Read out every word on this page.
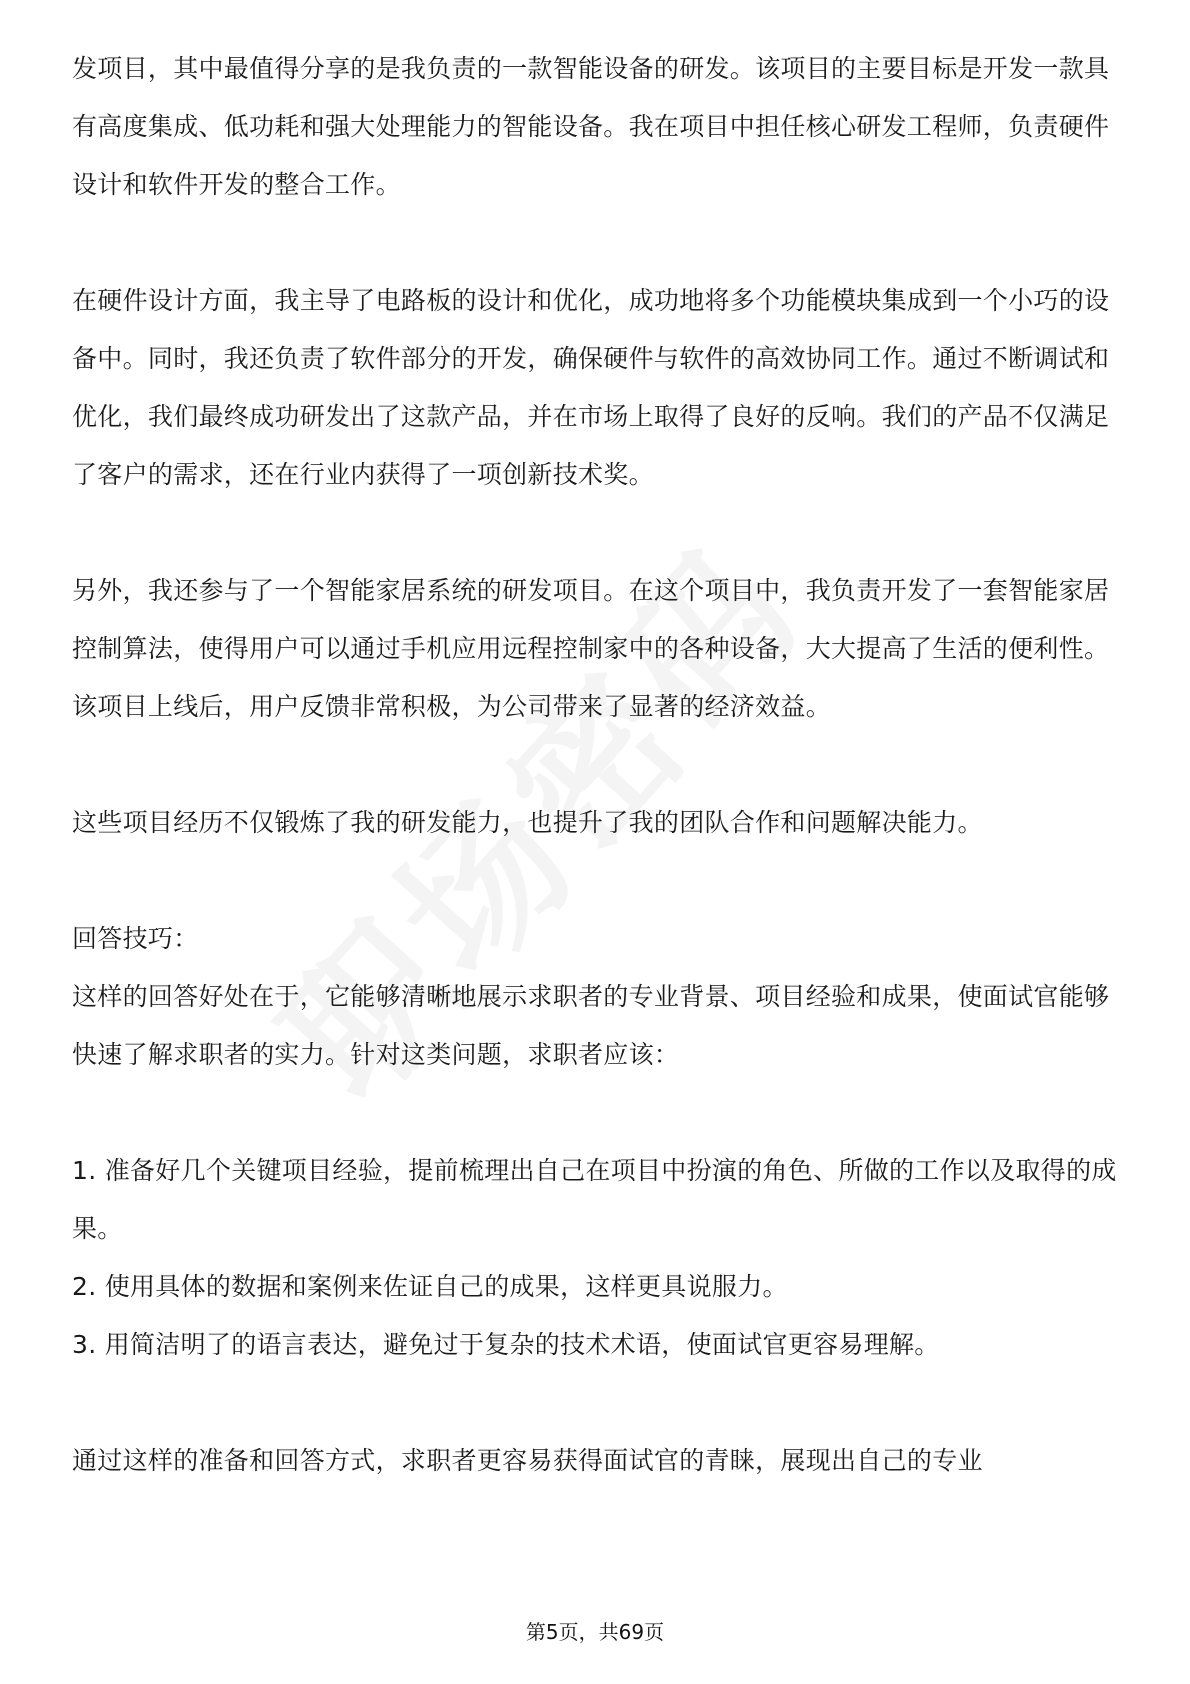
发项目，其中最值得分享的是我负责的一款智能设备的研发。该项目的主要目标是开发一款具有高度集成、低功耗和强大处理能力的智能设备。我在项目中担任核心研发工程师，负责硬件设计和软件开发的整合工作。

在硬件设计方面，我主导了电路板的设计和优化，成功地将多个功能模块集成到一个小巧的设备中。同时，我还负责了软件部分的开发，确保硬件与软件的高效协同工作。通过不断调试和优化，我们最终成功研发出了这款产品，并在市场上取得了良好的反响。我们的产品不仅满足了客户的需求，还在行业内获得了一项创新技术奖。

另外，我还参与了一个智能家居系统的研发项目。在这个项目中，我负责开发了一套智能家居控制算法，使得用户可以通过手机应用远程控制家中的各种设备，大大提高了生活的便利性。该项目上线后，用户反馈非常积极，为公司带来了显著的经济效益。

这些项目经历不仅锻炼了我的研发能力，也提升了我的团队合作和问题解决能力。

回答技巧：

这样的回答好处在于，它能够清晰地展示求职者的专业背景、项目经验和成果，使面试官能够快速了解求职者的实力。针对这类问题，求职者应该：

1. 准备好几个关键项目经验，提前梳理出自己在项目中扮演的角色、所做的工作以及取得的成果。

2. 使用具体的数据和案例来佐证自己的成果，这样更具说服力。

3. 用简洁明了的语言表达，避免过于复杂的技术术语，使面试官更容易理解。

通过这样的准备和回答方式，求职者更容易获得面试官的青睐，展现出自己的专业

第5页，共69页
